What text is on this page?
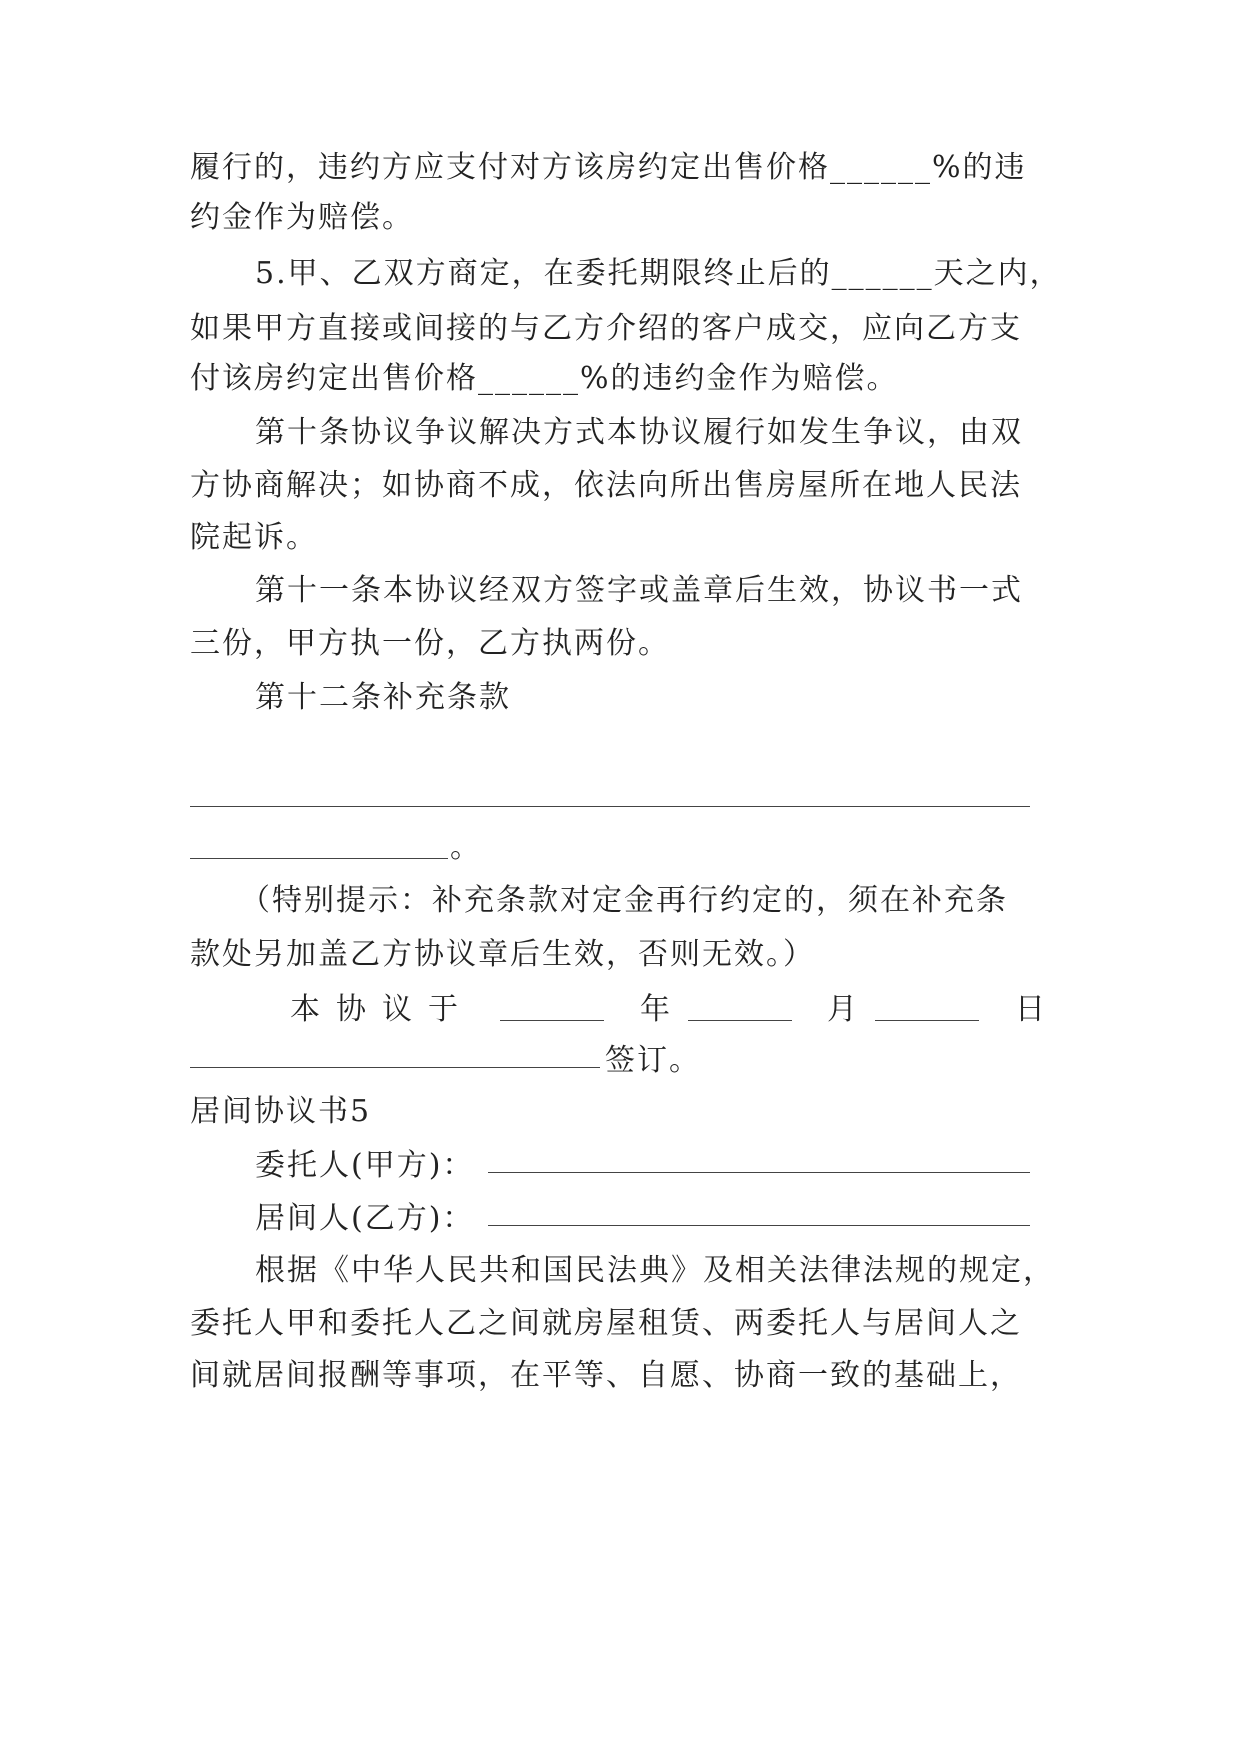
履行的，违约方应支付对方该房约定出售价格______%的违
约金作为赔偿。
5.甲、乙双方商定，在委托期限终止后的______天之内，
如果甲方直接或间接的与乙方介绍的客户成交，应向乙方支
付该房约定出售价格______%的违约金作为赔偿。
第十条协议争议解决方式本协议履行如发生争议，由双
方协商解决；如协商不成，依法向所出售房屋所在地人民法
院起诉。
第十一条本协议经双方签字或盖章后生效，协议书一式
三份，甲方执一份，乙方执两份。
第十二条补充条款
。
（特别提示：补充条款对定金再行约定的，须在补充条
款处另加盖乙方协议章后生效，否则无效。）
本 协 议 于	年	月	日
签订。
居间协议书5
委托人(甲方)：
居间人(乙方)：
根据《中华人民共和国民法典》及相关法律法规的规定，
委托人甲和委托人乙之间就房屋租赁、两委托人与居间人之
间就居间报酬等事项，在平等、自愿、协商一致的基础上，
